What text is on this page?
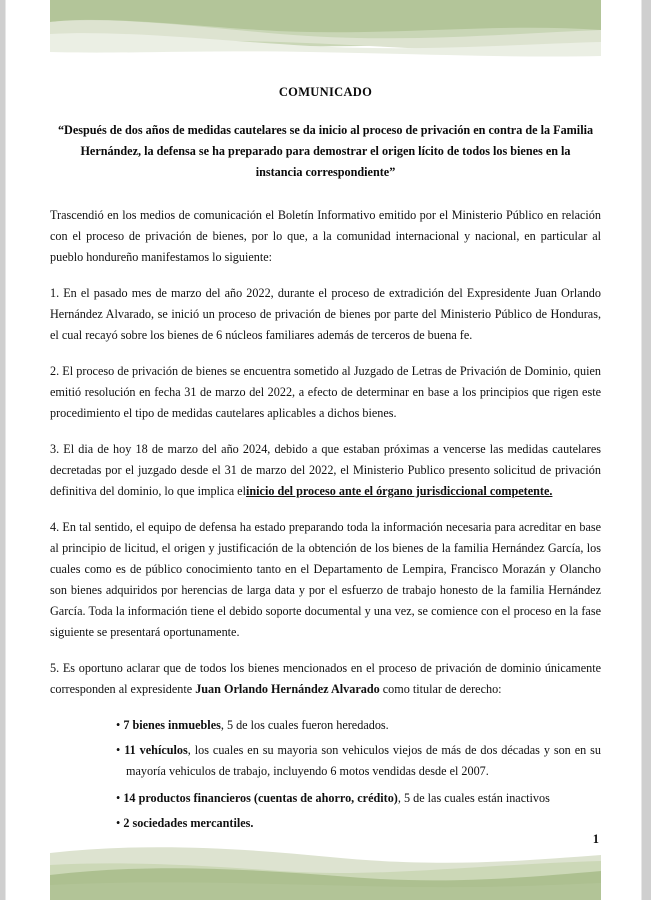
COMUNICADO
“Después de dos años de medidas cautelares se da inicio al proceso de privación en contra de la Familia Hernández, la defensa se ha preparado para demostrar el origen lícito de todos los bienes en la instancia correspondiente”

Trascendió en los medios de comunicación el Boletín Informativo emitido por el Ministerio Público en relación con el proceso de privación de bienes, por lo que, a la comunidad internacional y nacional, en particular al pueblo hondureño manifestamos lo siguiente:

1. En el pasado mes de marzo del año 2022, durante el proceso de extradición del Expresidente Juan Orlando Hernández Alvarado, se inició un proceso de privación de bienes por parte del Ministerio Público de Honduras, el cual recayó sobre los bienes de 6 núcleos familiares además de terceros de buena fe.

2. El proceso de privación de bienes se encuentra sometido al Juzgado de Letras de Privación de Dominio, quien emitió resolución en fecha 31 de marzo del 2022, a efecto de determinar en base a los principios que rigen este procedimiento el tipo de medidas cautelares aplicables a dichos bienes.

3. El dia de hoy 18 de marzo del año 2024, debido a que estaban próximas a vencerse las medidas cautelares decretadas por el juzgado desde el 31 de marzo del 2022, el Ministerio Publico presento solicitud de privación definitiva del dominio, lo que implica elinicio del proceso ante el órgano jurisdiccional competente.

4. En tal sentido, el equipo de defensa ha estado preparando toda la información necesaria para acreditar en base al principio de licitud, el origen y justificación de la obtención de los bienes de la familia Hernández García, los cuales como es de público conocimiento tanto en el Departamento de Lempira, Francisco Morazán y Olancho son bienes adquiridos por herencias de larga data y por el esfuerzo de trabajo honesto de la familia Hernández García. Toda la información tiene el debido soporte documental y una vez, se comience con el proceso en la fase siguiente se presentará oportunamente.

5. Es oportuno aclarar que de todos los bienes mencionados en el proceso de privación de dominio únicamente corresponden al expresidente Juan Orlando Hernández Alvarado como titular de derecho:

• 7 bienes inmuebles, 5 de los cuales fueron heredados.
• 11 vehículos, los cuales en su mayoria son vehiculos viejos de más de dos décadas y son en su mayoría vehiculos de trabajo, incluyendo 6 motos vendidas desde el 2007.
• 14 productos financieros (cuentas de ahorro, crédito), 5 de las cuales están inactivos
• 2 sociedades mercantiles.
1
